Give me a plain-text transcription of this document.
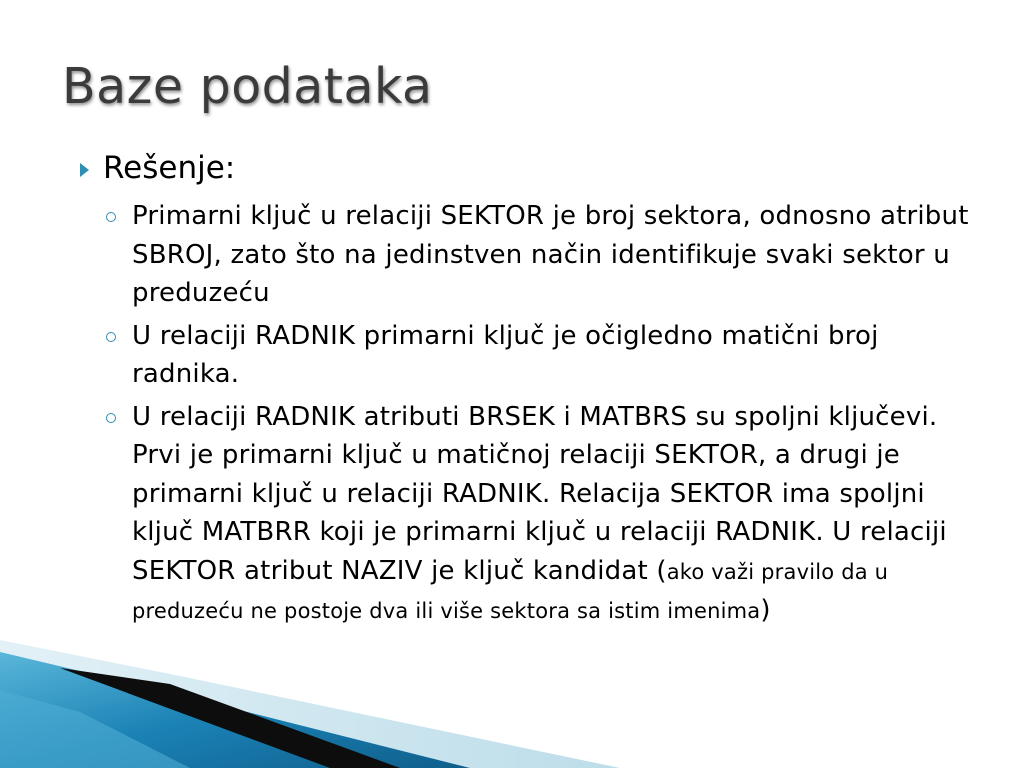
Baze podataka
Rešenje:
Primarni ključ u relaciji SEKTOR je broj sektora, odnosno atribut SBROJ, zato što na jedinstven način identifikuje svaki sektor u preduzeću
U relaciji RADNIK primarni ključ je očigledno matični broj radnika.
U relaciji RADNIK atributi BRSEK i MATBRS su spoljni ključevi. Prvi je primarni ključ u matičnoj relaciji SEKTOR, a drugi je primarni ključ u relaciji RADNIK. Relacija SEKTOR ima spoljni ključ MATBRR koji je primarni ključ u relaciji RADNIK. U relaciji SEKTOR atribut NAZIV je ključ kandidat (ako važi pravilo da u preduzeću ne postoje dva ili više sektora sa istim imenima)
